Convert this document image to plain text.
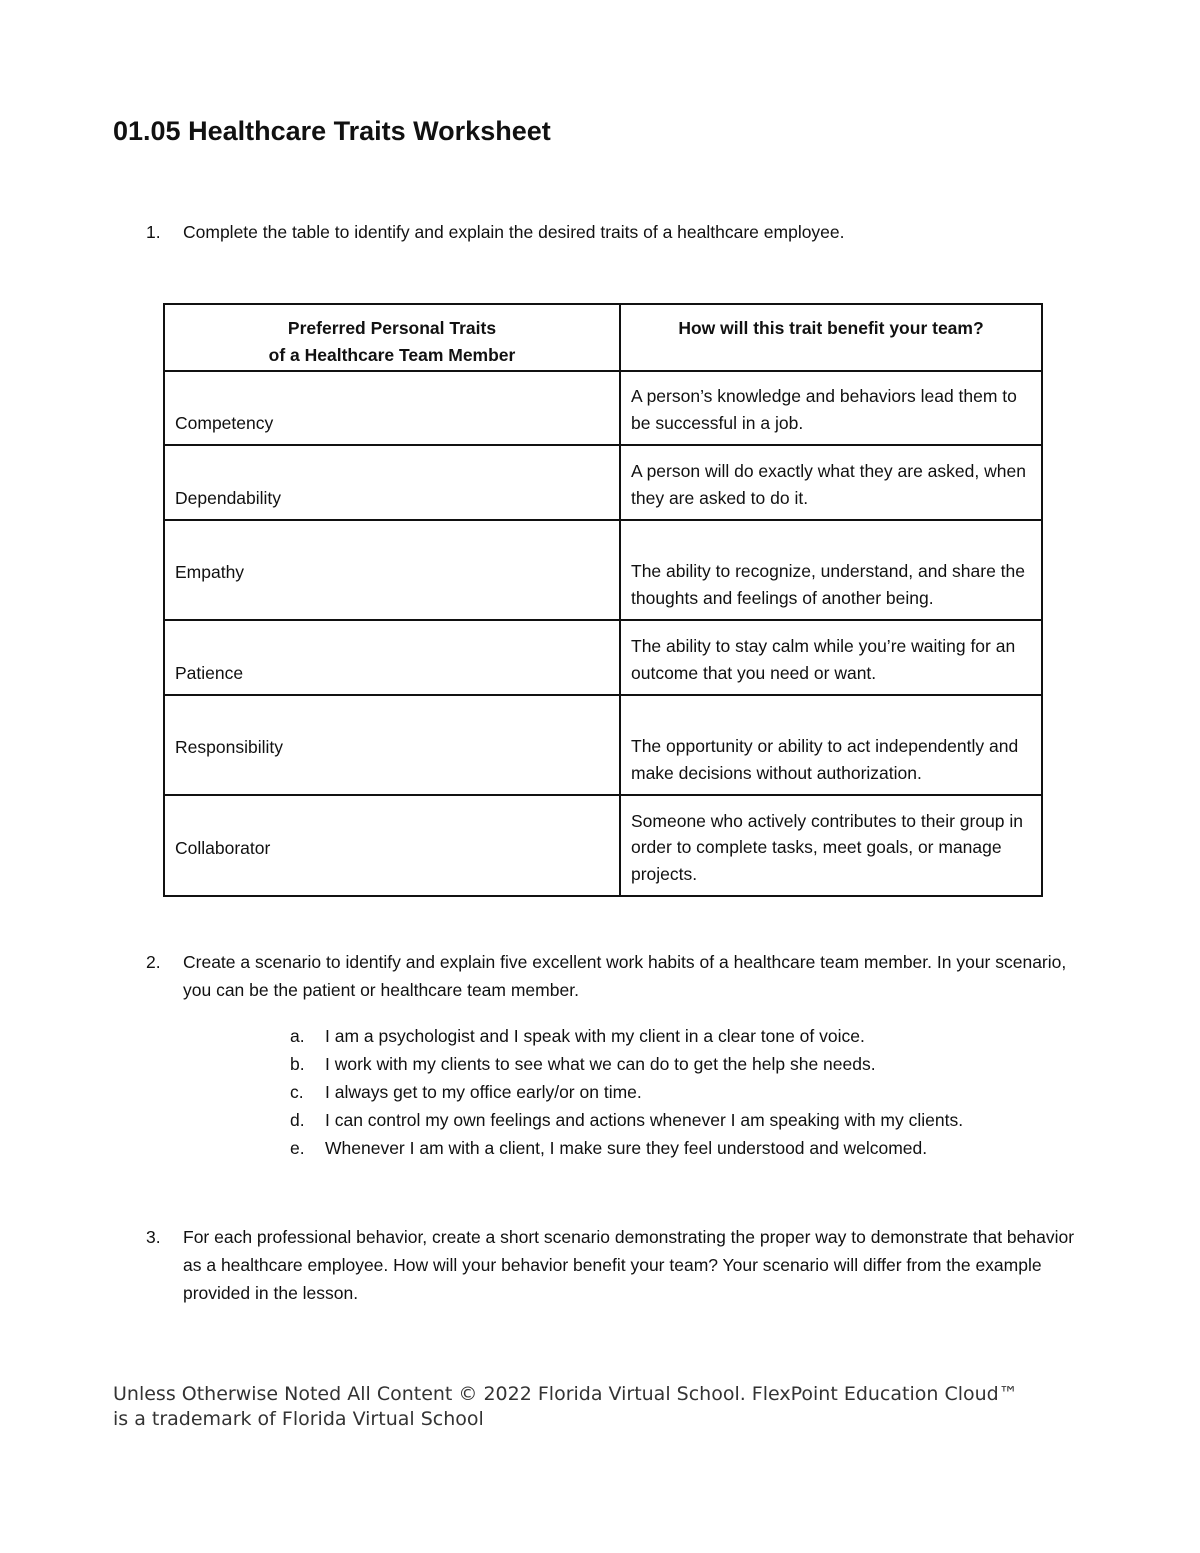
01.05 Healthcare Traits Worksheet
1. Complete the table to identify and explain the desired traits of a healthcare employee.
Preferred Personal Traits
of a Healthcare Team Member	How will this trait benefit your team?
Competency	A person’s knowledge and behaviors lead them to be successful in a job.
Dependability	A person will do exactly what they are asked, when they are asked to do it.
Empathy	The ability to recognize, understand, and share the thoughts and feelings of another being.
Patience	The ability to stay calm while you’re waiting for an outcome that you need or want.
Responsibility	The opportunity or ability to act independently and make decisions without authorization.
Collaborator	Someone who actively contributes to their group in order to complete tasks, meet goals, or manage projects.
2. Create a scenario to identify and explain five excellent work habits of a healthcare team member. In your scenario, you can be the patient or healthcare team member.
a. I am a psychologist and I speak with my client in a clear tone of voice.
b. I work with my clients to see what we can do to get the help she needs.
c. I always get to my office early/or on time.
d. I can control my own feelings and actions whenever I am speaking with my clients.
e. Whenever I am with a client, I make sure they feel understood and welcomed.
3. For each professional behavior, create a short scenario demonstrating the proper way to demonstrate that behavior as a healthcare employee. How will your behavior benefit your team? Your scenario will differ from the example provided in the lesson.
Unless Otherwise Noted All Content © 2022 Florida Virtual School. FlexPoint Education Cloud™ is a trademark of Florida Virtual School
